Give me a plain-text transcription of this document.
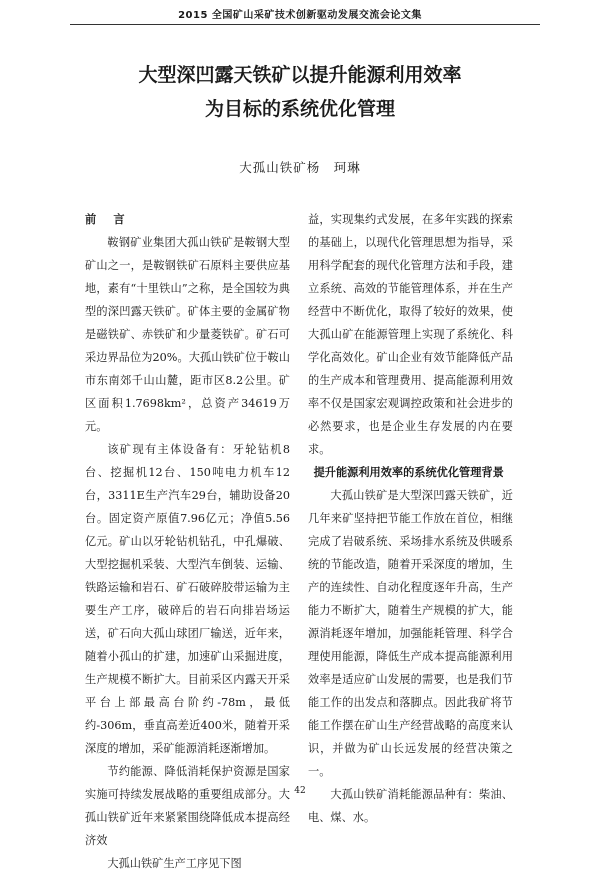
2015 全国矿山采矿技术创新驱动发展交流会论文集
大型深凹露天铁矿以提升能源利用效率
为目标的系统优化管理
大孤山铁矿杨　珂琳

前　言

鞍钢矿业集团大孤山铁矿是鞍钢大型矿山之一，是鞍钢铁矿石原料主要供应基地，素有“十里铁山”之称，是全国较为典型的深凹露天铁矿。矿体主要的金属矿物是磁铁矿、赤铁矿和少量菱铁矿。矿石可采边界品位为20%。大孤山铁矿位于鞍山市东南郊千山山麓，距市区8.2公里。矿区面积1.7698km²，总资产34619万元。

该矿现有主体设备有：牙轮钻机8台、挖掘机12台、150吨电力机车12台，3311E生产汽车29台，辅助设备20台。固定资产原值7.96亿元；净值5.56亿元。矿山以牙轮钻机钻孔，中孔爆破、大型挖掘机采装、大型汽车倒装、运输、铁路运输和岩石、矿石破碎胶带运输为主要生产工序，破碎后的岩石向排岩场运送，矿石向大孤山球团厂输送，近年来，随着小孤山的扩建，加速矿山采掘进度，生产规模不断扩大。目前采区内露天开采平台上部最高台阶约-78m，最低约-306m，垂直高差近400米，随着开采深度的增加，采矿能源消耗逐渐增加。

节约能源、降低消耗保护资源是国家实施可持续发展战略的重要组成部分。大孤山铁矿近年来紧紧围绕降低成本提高经济效

大孤山铁矿生产工序见下图

益，实现集约式发展，在多年实践的探索的基础上，以现代化管理思想为指导，采用科学配套的现代化管理方法和手段，建立系统、高效的节能管理体系，并在生产经营中不断优化，取得了较好的效果，使大孤山矿在能源管理上实现了系统化、科学化高效化。矿山企业有效节能降低产品的生产成本和管理费用、提高能源利用效率不仅是国家宏观调控政策和社会进步的必然要求，也是企业生存发展的内在要求。

提升能源利用效率的系统优化管理背景

大孤山铁矿是大型深凹露天铁矿，近几年来矿坚持把节能工作放在首位，相继完成了岩破系统、采场排水系统及供暖系统的节能改造，随着开采深度的增加，生产的连续性、自动化程度逐年升高，生产能力不断扩大，随着生产规模的扩大，能源消耗逐年增加，加强能耗管理、科学合理使用能源，降低生产成本提高能源利用效率是适应矿山发展的需要，也是我们节能工作的出发点和落脚点。因此我矿将节能工作摆在矿山生产经营战略的高度来认识，并做为矿山长远发展的经营决策之一。

大孤山铁矿消耗能源品种有：柴油、电、煤、水。

42
